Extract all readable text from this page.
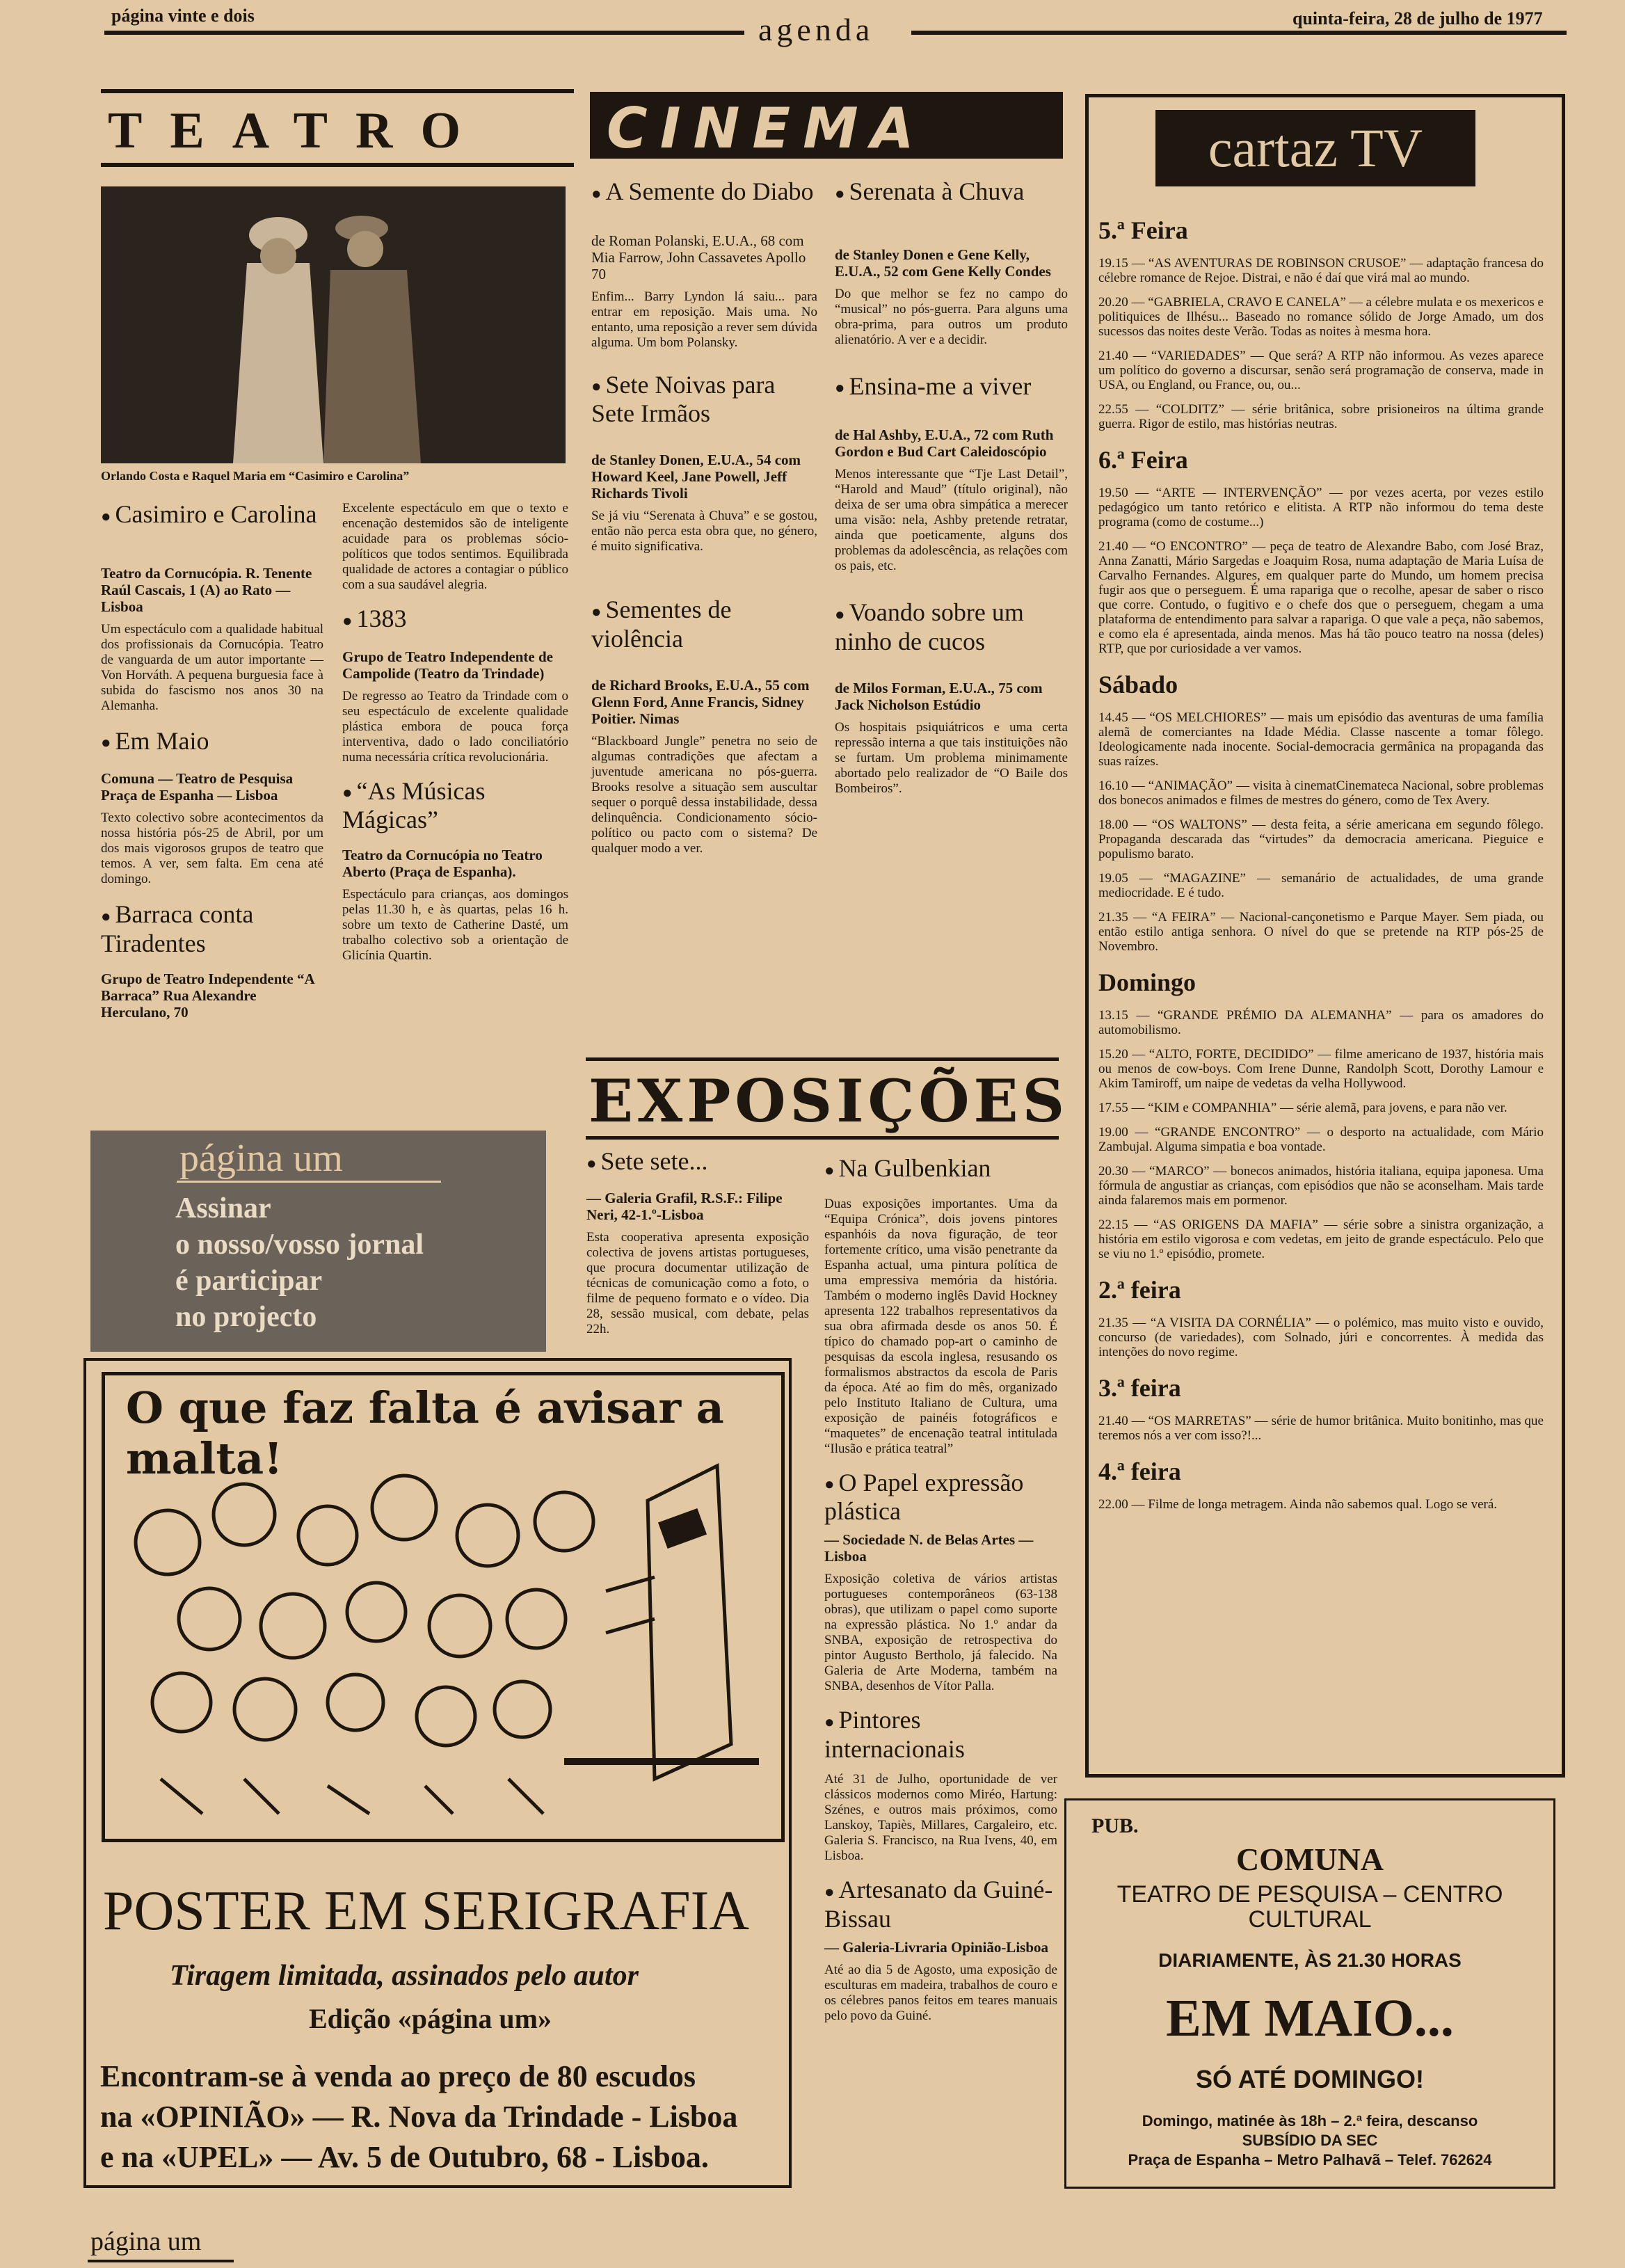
página vinte e dois	agenda	quinta-feira, 28 de julho de 1977
TEATRO
Orlando Costa e Raquel Maria em “Casimiro e Carolina”
● Casimiro e Carolina
Teatro da Cornucópia. R. Tenente Raúl Cascais, 1 (A) ao Rato — Lisboa
Um espectáculo com a qualidade habitual dos profissionais da Cornucópia. Teatro de vanguarda de um autor importante — Von Horváth. A pequena burguesia face à subida do fascismo nos anos 30 na Alemanha.
● Em Maio
Comuna — Teatro de Pesquisa Praça de Espanha — Lisboa
Texto colectivo sobre acontecimentos da nossa história pós-25 de Abril, por um dos mais vigorosos grupos de teatro que temos. A ver, sem falta. Em cena até domingo.
● Barraca conta Tiradentes
Grupo de Teatro Independente “A Barraca” Rua Alexandre Herculano, 70
Excelente espectáculo em que o texto e encenação destemidos são de inteligente acuidade para os problemas sócio-políticos que todos sentimos. Equilibrada qualidade de actores a contagiar o público com a sua saudável alegria.
● 1383
Grupo de Teatro Independente de Campolide (Teatro da Trindade)
De regresso ao Teatro da Trindade com o seu espectáculo de excelente qualidade plástica embora de pouca força interventiva, dado o lado conciliatório numa necessária crítica revolucionária.
● “As Músicas Mágicas”
Teatro da Cornucópia no Teatro Aberto (Praça de Espanha).
Espectáculo para crianças, aos domingos pelas 11.30 h, e às quartas, pelas 16 h. sobre um texto de Catherine Dasté, um trabalho colectivo sob a orientação de Glicínia Quartin.
CINEMA
● A Semente do Diabo
de Roman Polanski, E.U.A., 68 com Mia Farrow, John Cassavetes Apollo 70
Enfim... Barry Lyndon lá saiu... para entrar em reposição. Mais uma. No entanto, uma reposição a rever sem dúvida alguma. Um bom Polansky.
● Sete Noivas para Sete Irmãos
de Stanley Donen, E.U.A., 54 com Howard Keel, Jane Powell, Jeff Richards Tivoli
Se já viu “Serenata à Chuva” e se gostou, então não perca esta obra que, no género, é muito significativa.
● Sementes de violência
de Richard Brooks, E.U.A., 55 com Glenn Ford, Anne Francis, Sidney Poitier. Nimas
“Blackboard Jungle” penetra no seio de algumas contradições que afectam a juventude americana no pós-guerra. Brooks resolve a situação sem auscultar sequer o porquê dessa instabilidade, dessa delinquência. Condicionamento sócio-político ou pacto com o sistema? De qualquer modo a ver.
● Serenata à Chuva
de Stanley Donen e Gene Kelly, E.U.A., 52 com Gene Kelly Condes
Do que melhor se fez no campo do “musical” no pós-guerra. Para alguns uma obra-prima, para outros um produto alienatório. A ver e a decidir.
● Ensina-me a viver
de Hal Ashby, E.U.A., 72 com Ruth Gordon e Bud Cart Caleidoscópio
Menos interessante que “Tje Last Detail”, “Harold and Maud” (título original), não deixa de ser uma obra simpática a merecer uma visão: nela, Ashby pretende retratar, ainda que poeticamente, alguns dos problemas da adolescência, as relações com os pais, etc.
● Voando sobre um ninho de cucos
de Milos Forman, E.U.A., 75 com Jack Nicholson Estúdio
Os hospitais psiquiátricos e uma certa repressão interna a que tais instituições não se furtam. Um problema minimamente abortado pelo realizador de “O Baile dos Bombeiros”.
EXPOSIÇÕES
● Sete sete...
— Galeria Grafil, R.S.F.: Filipe Neri, 42-1.º-Lisboa
Esta cooperativa apresenta exposição colectiva de jovens artistas portugueses, que procura documentar utilização de técnicas de comunicação como a foto, o filme de pequeno formato e o vídeo. Dia 28, sessão musical, com debate, pelas 22h.
● Na Gulbenkian
Duas exposições importantes. Uma da “Equipa Crónica”, dois jovens pintores espanhóis da nova figuração, de teor fortemente crítico, uma visão penetrante da Espanha actual, uma pintura política de uma empressiva memória da história. Também o moderno inglês David Hockney apresenta 122 trabalhos representativos da sua obra afirmada desde os anos 50. É típico do chamado pop-art o caminho de pesquisas da escola inglesa, resusando os formalismos abstractos da escola de Paris da época. Até ao fim do mês, organizado pelo Instituto Italiano de Cultura, uma exposição de painéis fotográficos e “maquetes” de encenação teatral intitulada “Ilusão e prática teatral”
● O Papel expressão plástica
— Sociedade N. de Belas Artes — Lisboa
Exposição coletiva de vários artistas portugueses contemporâneos (63-138 obras), que utilizam o papel como suporte na expressão plástica. No 1.º andar da SNBA, exposição de retrospectiva do pintor Augusto Bertholo, já falecido. Na Galeria de Arte Moderna, também na SNBA, desenhos de Vítor Palla.
● Pintores internacionais
Até 31 de Julho, oportunidade de ver clássicos modernos como Miréo, Hartung: Szénes, e outros mais próximos, como Lanskoy, Tapiès, Millares, Cargaleiro, etc. Galeria S. Francisco, na Rua Ivens, 40, em Lisboa.
● Artesanato da Guiné-Bissau
— Galeria-Livraria Opinião-Lisboa
Até ao dia 5 de Agosto, uma exposição de esculturas em madeira, trabalhos de couro e os célebres panos feitos em teares manuais pelo povo da Guiné.
cartaz TV
5.ª Feira
19.15 — “AS AVENTURAS DE ROBINSON CRUSOE” — adaptação francesa do célebre romance de Rejoe. Distrai, e não é daí que virá mal ao mundo.
20.20 — “GABRIELA, CRAVO E CANELA” — a célebre mulata e os mexericos e politiquices de Ilhésu... Baseado no romance sólido de Jorge Amado, um dos sucessos das noites deste Verão. Todas as noites à mesma hora.
21.40 — “VARIEDADES” — Que será? A RTP não informou. As vezes aparece um político do governo a discursar, senão será programação de conserva, made in USA, ou England, ou France, ou, ou...
22.55 — “COLDITZ” — série britânica, sobre prisioneiros na última grande guerra. Rigor de estilo, mas histórias neutras.
6.ª Feira
19.50 — “ARTE — INTERVENÇÃO” — por vezes acerta, por vezes estilo pedagógico um tanto retórico e elitista. A RTP não informou do tema deste programa (como de costume...)
21.40 — “O ENCONTRO” — peça de teatro de Alexandre Babo, com José Braz, Anna Zanatti, Mário Sargedas e Joaquim Rosa, numa adaptação de Maria Luísa de Carvalho Fernandes. Algures, em qualquer parte do Mundo, um homem precisa fugir aos que o perseguem. É uma rapariga que o recolhe, apesar de saber o risco que corre. Contudo, o fugitivo e o chefe dos que o perseguem, chegam a uma plataforma de entendimento para salvar a rapariga. O que vale a peça, não sabemos, e como ela é apresentada, ainda menos. Mas há tão pouco teatro na nossa (deles) RTP, que por curiosidade a ver vamos.
Sábado
14.45 — “OS MELCHIORES” — mais um episódio das aventuras de uma família alemã de comerciantes na Idade Média. Classe nascente a tomar fôlego. Ideologicamente nada inocente. Social-democracia germânica na propaganda das suas raízes.
16.10 — “ANIMAÇÃO” — visita à cinematCinemateca Nacional, sobre problemas dos bonecos animados e filmes de mestres do género, como de Tex Avery.
18.00 — “OS WALTONS” — desta feita, a série americana em segundo fôlego. Propaganda descarada das “virtudes” da democracia americana. Pieguice e populismo barato.
19.05 — “MAGAZINE” — semanário de actualidades, de uma grande mediocridade. E é tudo.
21.35 — “A FEIRA” — Nacional-cançonetismo e Parque Mayer. Sem piada, ou então estilo antiga senhora. O nível do que se pretende na RTP pós-25 de Novembro.
Domingo
13.15 — “GRANDE PRÉMIO DA ALEMANHA” — para os amadores do automobilismo.
15.20 — “ALTO, FORTE, DECIDIDO” — filme americano de 1937, história mais ou menos de cow-boys. Com Irene Dunne, Randolph Scott, Dorothy Lamour e Akim Tamiroff, um naipe de vedetas da velha Hollywood.
17.55 — “KIM e COMPANHIA” — série alemã, para jovens, e para não ver.
19.00 — “GRANDE ENCONTRO” — o desporto na actualidade, com Mário Zambujal. Alguma simpatia e boa vontade.
20.30 — “MARCO” — bonecos animados, história italiana, equipa japonesa. Uma fórmula de angustiar as crianças, com episódios que não se aconselham. Mais tarde ainda falaremos mais em pormenor.
22.15 — “AS ORIGENS DA MAFIA” — série sobre a sinistra organização, a história em estilo vigorosa e com vedetas, em jeito de grande espectáculo. Pelo que se viu no 1.º episódio, promete.
2.ª feira
21.35 — “A VISITA DA CORNÉLIA” — o polémico, mas muito visto e ouvido, concurso (de variedades), com Solnado, júri e concorrentes. À medida das intenções do novo regime.
3.ª feira
21.40 — “OS MARRETAS” — série de humor britânica. Muito bonitinho, mas que teremos nós a ver com isso?!...
4.ª feira
22.00 — Filme de longa metragem. Ainda não sabemos qual. Logo se verá.
página um
Assinar
o nosso/vosso jornal
é participar
no projecto
O que faz falta é avisar a malta!
POSTER EM SERIGRAFIA
Tiragem limitada, assinados pelo autor
Edição «página um»
Encontram-se à venda ao preço de 80 escudos
na «OPINIÃO» — R. Nova da Trindade - Lisboa
e na «UPEL» — Av. 5 de Outubro, 68 - Lisboa.
PUB.
COMUNA
TEATRO DE PESQUISA – CENTRO
CULTURAL
DIARIAMENTE, ÀS 21.30 HORAS
EM MAIO...
SÓ ATÉ DOMINGO!
Domingo, matinée às 18h – 2.ª feira, descanso
SUBSÍDIO DA SEC
Praça de Espanha – Metro Palhavã – Telef. 762624
página um
